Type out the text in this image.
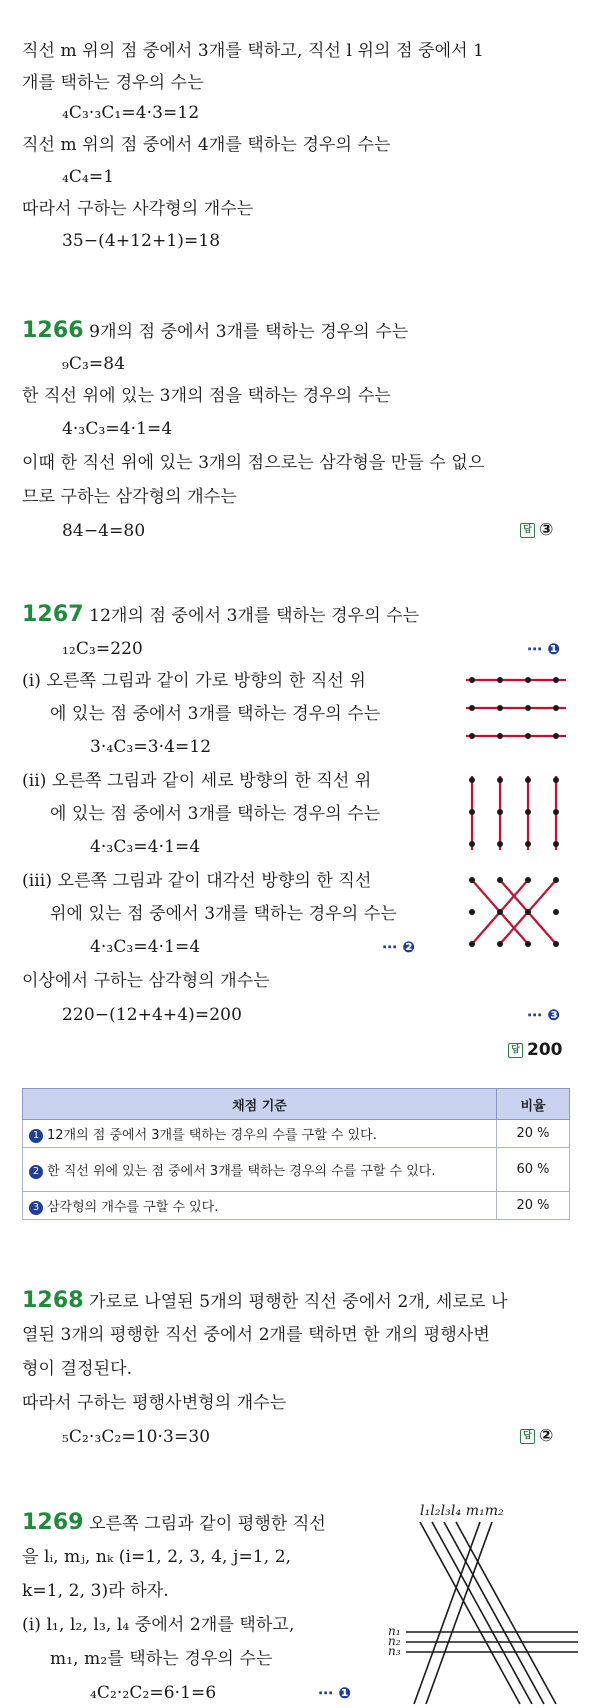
직선 m 위의 점 중에서 3개를 택하고, 직선 l 위의 점 중에서 1
개를 택하는 경우의 수는
₄C₃·₃C₁=4·3=12
직선 m 위의 점 중에서 4개를 택하는 경우의 수는
₄C₄=1
따라서 구하는 사각형의 개수는
35−(4+12+1)=18
1266 9개의 점 중에서 3개를 택하는 경우의 수는
₉C₃=84
한 직선 위에 있는 3개의 점을 택하는 경우의 수는
4·₃C₃=4·1=4
이때 한 직선 위에 있는 3개의 점으로는 삼각형을 만들 수 없으
므로 구하는 삼각형의 개수는
84−4=80	답 ③
1267 12개의 점 중에서 3개를 택하는 경우의 수는
₁₂C₃=220	⋯ ❶
(i) 오른쪽 그림과 같이 가로 방향의 한 직선 위
에 있는 점 중에서 3개를 택하는 경우의 수는
3·₄C₃=3·4=12
(ii) 오른쪽 그림과 같이 세로 방향의 한 직선 위
에 있는 점 중에서 3개를 택하는 경우의 수는
4·₃C₃=4·1=4
(iii) 오른쪽 그림과 같이 대각선 방향의 한 직선
위에 있는 점 중에서 3개를 택하는 경우의 수는
4·₃C₃=4·1=4	⋯ ❷
이상에서 구하는 삼각형의 개수는
220−(12+4+4)=200	⋯ ❸
답 200
채점 기준	비율
1 12개의 점 중에서 3개를 택하는 경우의 수를 구할 수 있다.	20 %
2 한 직선 위에 있는 점 중에서 3개를 택하는 경우의 수를 구할 수 있다.	60 %
3 삼각형의 개수를 구할 수 있다.	20 %
1268 가로로 나열된 5개의 평행한 직선 중에서 2개, 세로로 나
열된 3개의 평행한 직선 중에서 2개를 택하면 한 개의 평행사변
형이 결정된다.
따라서 구하는 평행사변형의 개수는
₅C₂·₃C₂=10·3=30	답 ②
1269 오른쪽 그림과 같이 평행한 직선
을 lᵢ, mⱼ, nₖ (i=1, 2, 3, 4, j=1, 2,
k=1, 2, 3)라 하자.
(i) l₁, l₂, l₃, l₄ 중에서 2개를 택하고,
m₁, m₂를 택하는 경우의 수는
₄C₂·₂C₂=6·1=6	⋯ ❶
l₁l₂l₃l₄ m₁m₂
n₁
n₂
n₃
